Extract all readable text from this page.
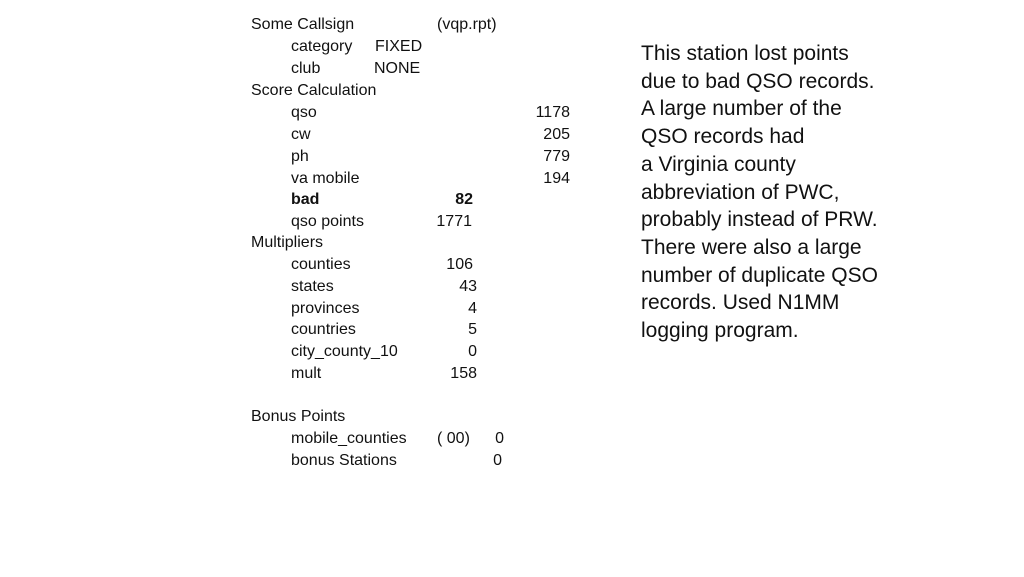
Some Callsign	(vqp.rpt)
category FIXED
club	NONE
Score Calculation
qso	1178
cw	205
ph	779
va mobile	194
bad	82
qso points	1771
Multipliers
counties	106
states	43
provinces	4
countries	5
city_county_10	0
mult	158
Bonus Points
mobile_counties ( 00)	0
bonus Stations	0
This station lost points
due to bad QSO records.
A large number of the
QSO records had
a Virginia county
abbreviation of PWC,
probably instead of PRW.
There were also a large
number of duplicate QSO
records. Used N1MM
logging program.
